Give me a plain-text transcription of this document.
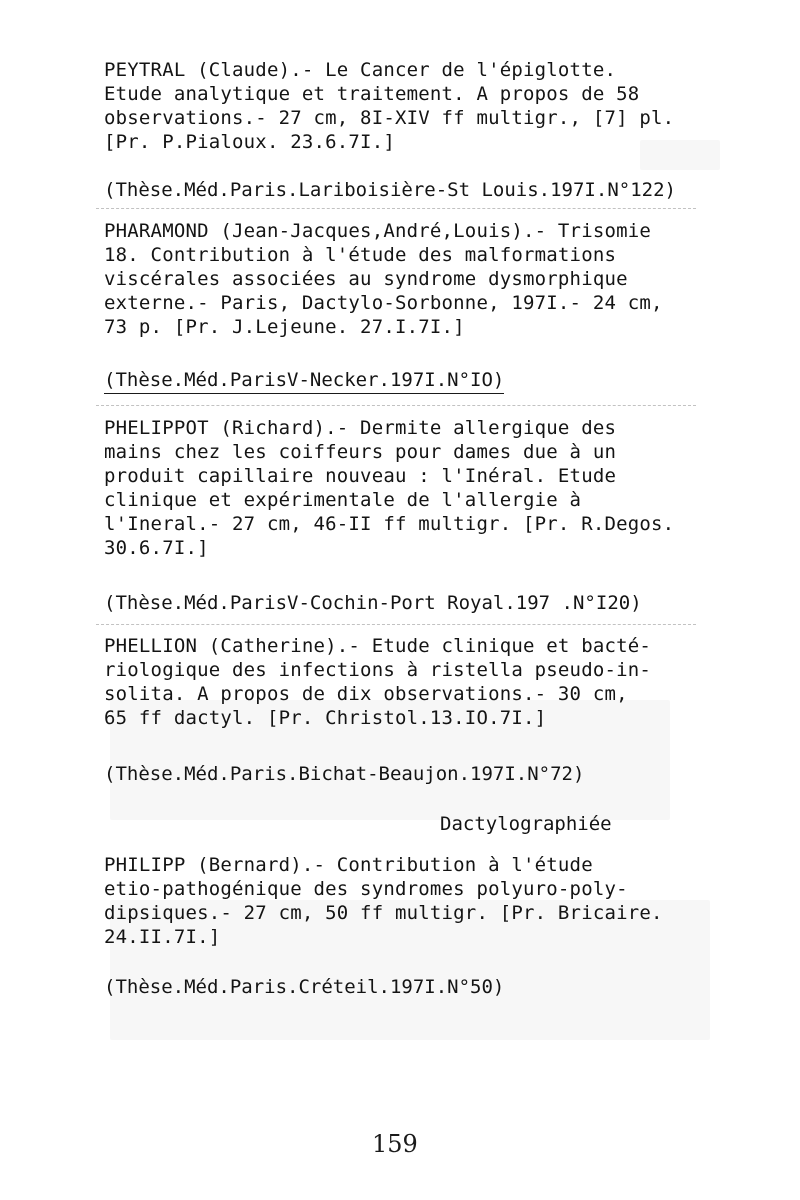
PEYTRAL (Claude).- Le Cancer de l'épiglotte.
Etude analytique et traitement. A propos de 58
observations.- 27 cm, 8I-XIV ff multigr., [7] pl.
[Pr. P.Pialoux. 23.6.7I.]
(Thèse.Méd.Paris.Lariboisière-St Louis.197I.N°122)
PHARAMOND (Jean-Jacques,André,Louis).- Trisomie
18. Contribution à l'étude des malformations
viscérales associées au syndrome dysmorphique
externe.- Paris, Dactylo-Sorbonne, 197I.- 24 cm,
73 p. [Pr. J.Lejeune. 27.I.7I.]
(Thèse.Méd.ParisV-Necker.197I.N°IO)
PHELIPPOT (Richard).- Dermite allergique des
mains chez les coiffeurs pour dames due à un
produit capillaire nouveau : l'Inéral. Etude
clinique et expérimentale de l'allergie à
l'Ineral.- 27 cm, 46-II ff multigr. [Pr. R.Degos.
30.6.7I.]
(Thèse.Méd.ParisV-Cochin-Port Royal.197 .N°I20)
PHELLION (Catherine).- Etude clinique et bacté-
riologique des infections à ristella pseudo-in-
solita. A propos de dix observations.- 30 cm,
65 ff dactyl. [Pr. Christol.13.IO.7I.]
(Thèse.Méd.Paris.Bichat-Beaujon.197I.N°72)
Dactylographiée
PHILIPP (Bernard).- Contribution à l'étude
etio-pathogénique des syndromes polyuro-poly-
dipsiques.- 27 cm, 50 ff multigr. [Pr. Bricaire.
24.II.7I.]
(Thèse.Méd.Paris.Créteil.197I.N°50)
159
